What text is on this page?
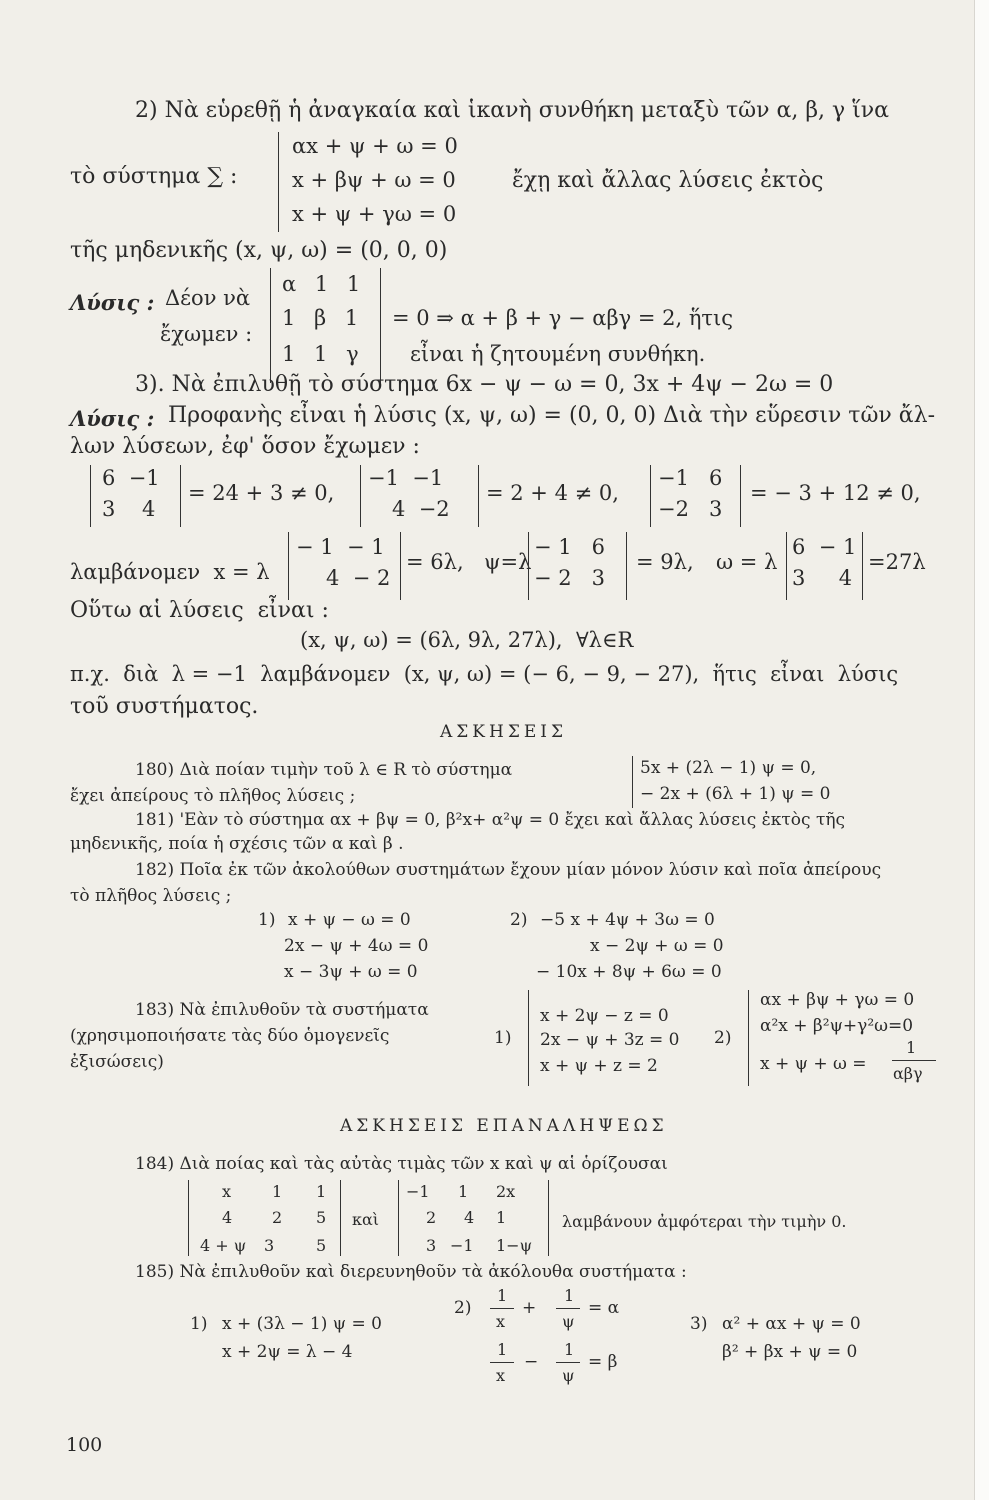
2) Νὰ εὑρεθῇ ἡ ἀναγκαία καὶ ἱκανὴ συνθήκη μεταξὺ τῶν α, β, γ ἵνα
τὸ σύστημα ∑ :
αx + ψ + ω = 0
x + βψ + ω = 0
x + ψ + γω = 0
ἔχῃ καὶ ἄλλας λύσεις ἐκτὸς
τῆς μηδενικῆς (x, ψ, ω) = (0, 0, 0)
Λύσις : Δέον νὰ
ἔχωμεν :
α 1 1
1 β 1
1 1 γ
= 0 ⇒ α + β + γ − αβγ = 2, ἥτις
εἶναι ἡ ζητουμένη συνθήκη.
3). Νὰ ἐπιλυθῇ τὸ σύστημα 6x − ψ − ω = 0, 3x + 4ψ − 2ω = 0
Λύσις : Προφανὴς εἶναι ἡ λύσις (x, ψ, ω) = (0, 0, 0) Διὰ τὴν εὕρεσιν τῶν ἄλ-
λων λύσεων, ἐφ' ὅσον ἔχωμεν :
6  −1
3    4
= 24 + 3 ≠ 0,
−1  −1
4  −2
= 2 + 4 ≠ 0,
−1   6
−2   3
= − 3 + 12 ≠ 0,
λαμβάνομεν  x = λ
− 1  − 1
4  − 2
= 6λ, ψ=λ
− 1   6
− 2   3
= 9λ, ω = λ
6  − 1
3     4
=27λ
Οὕτω αἱ λύσεις  εἶναι :
(x, ψ, ω) = (6λ, 9λ, 27λ),  ∀λ∈R
π.χ.  διὰ  λ = −1  λαμβάνομεν  (x, ψ, ω) = (− 6, − 9, − 27),  ἥτις  εἶναι  λύσις
τοῦ συστήματος.
ΑΣΚΗΣΕΙΣ
180) Διὰ ποίαν τιμὴν τοῦ λ ∈ R τὸ σύστημα
ἔχει ἀπείρους τὸ πλῆθος λύσεις ;
5x + (2λ − 1) ψ = 0,
− 2x + (6λ + 1) ψ = 0
181) 'Εὰν τὸ σύστημα αx + βψ = 0, β²x+ α²ψ = 0 ἔχει καὶ ἄλλας λύσεις ἐκτὸς τῆς
μηδενικῆς, ποία ἡ σχέσις τῶν α καὶ β .
182) Ποῖα ἐκ τῶν ἀκολούθων συστημάτων ἔχουν μίαν μόνον λύσιν καὶ ποῖα ἀπείρους
τὸ πλῆθος λύσεις ;
1) x + ψ − ω = 0
2x − ψ + 4ω = 0
x − 3ψ + ω = 0
2) −5 x + 4ψ + 3ω = 0
x − 2ψ + ω = 0
− 10x + 8ψ + 6ω = 0
183) Νὰ ἐπιλυθοῦν τὰ συστήματα
(χρησιμοποιήσατε τὰς δύο ὁμογενεῖς
ἐξισώσεις)
1)
x + 2ψ − z = 0
2x − ψ + 3z = 0
x + ψ + z = 2
2)
αx + βψ + γω = 0
α²x + β²ψ+γ²ω=0
x + ψ + ω =
1
αβγ
ΑΣΚΗΣΕΙΣ ΕΠΑΝΑΛΗΨΕΩΣ
184) Διὰ ποίας καὶ τὰς αὐτὰς τιμὰς τῶν x καὶ ψ αἱ ὁρίζουσαι
x	1 1
4 2 5
4 + ψ 3	5
καὶ
−1 1 2x
2 4 1
3 −1 1−ψ
λαμβάνουν ἀμφότεραι τὴν τιμὴν 0.
185) Νὰ ἐπιλυθοῦν καὶ διερευνηθοῦν τὰ ἀκόλουθα συστήματα :
1) x + (3λ − 1) ψ = 0
x + 2ψ = λ − 4
2)
1
x
+
1
ψ
= α
1
x
−
1
ψ
= β
3) α² + αx + ψ = 0
β² + βx + ψ = 0
100
